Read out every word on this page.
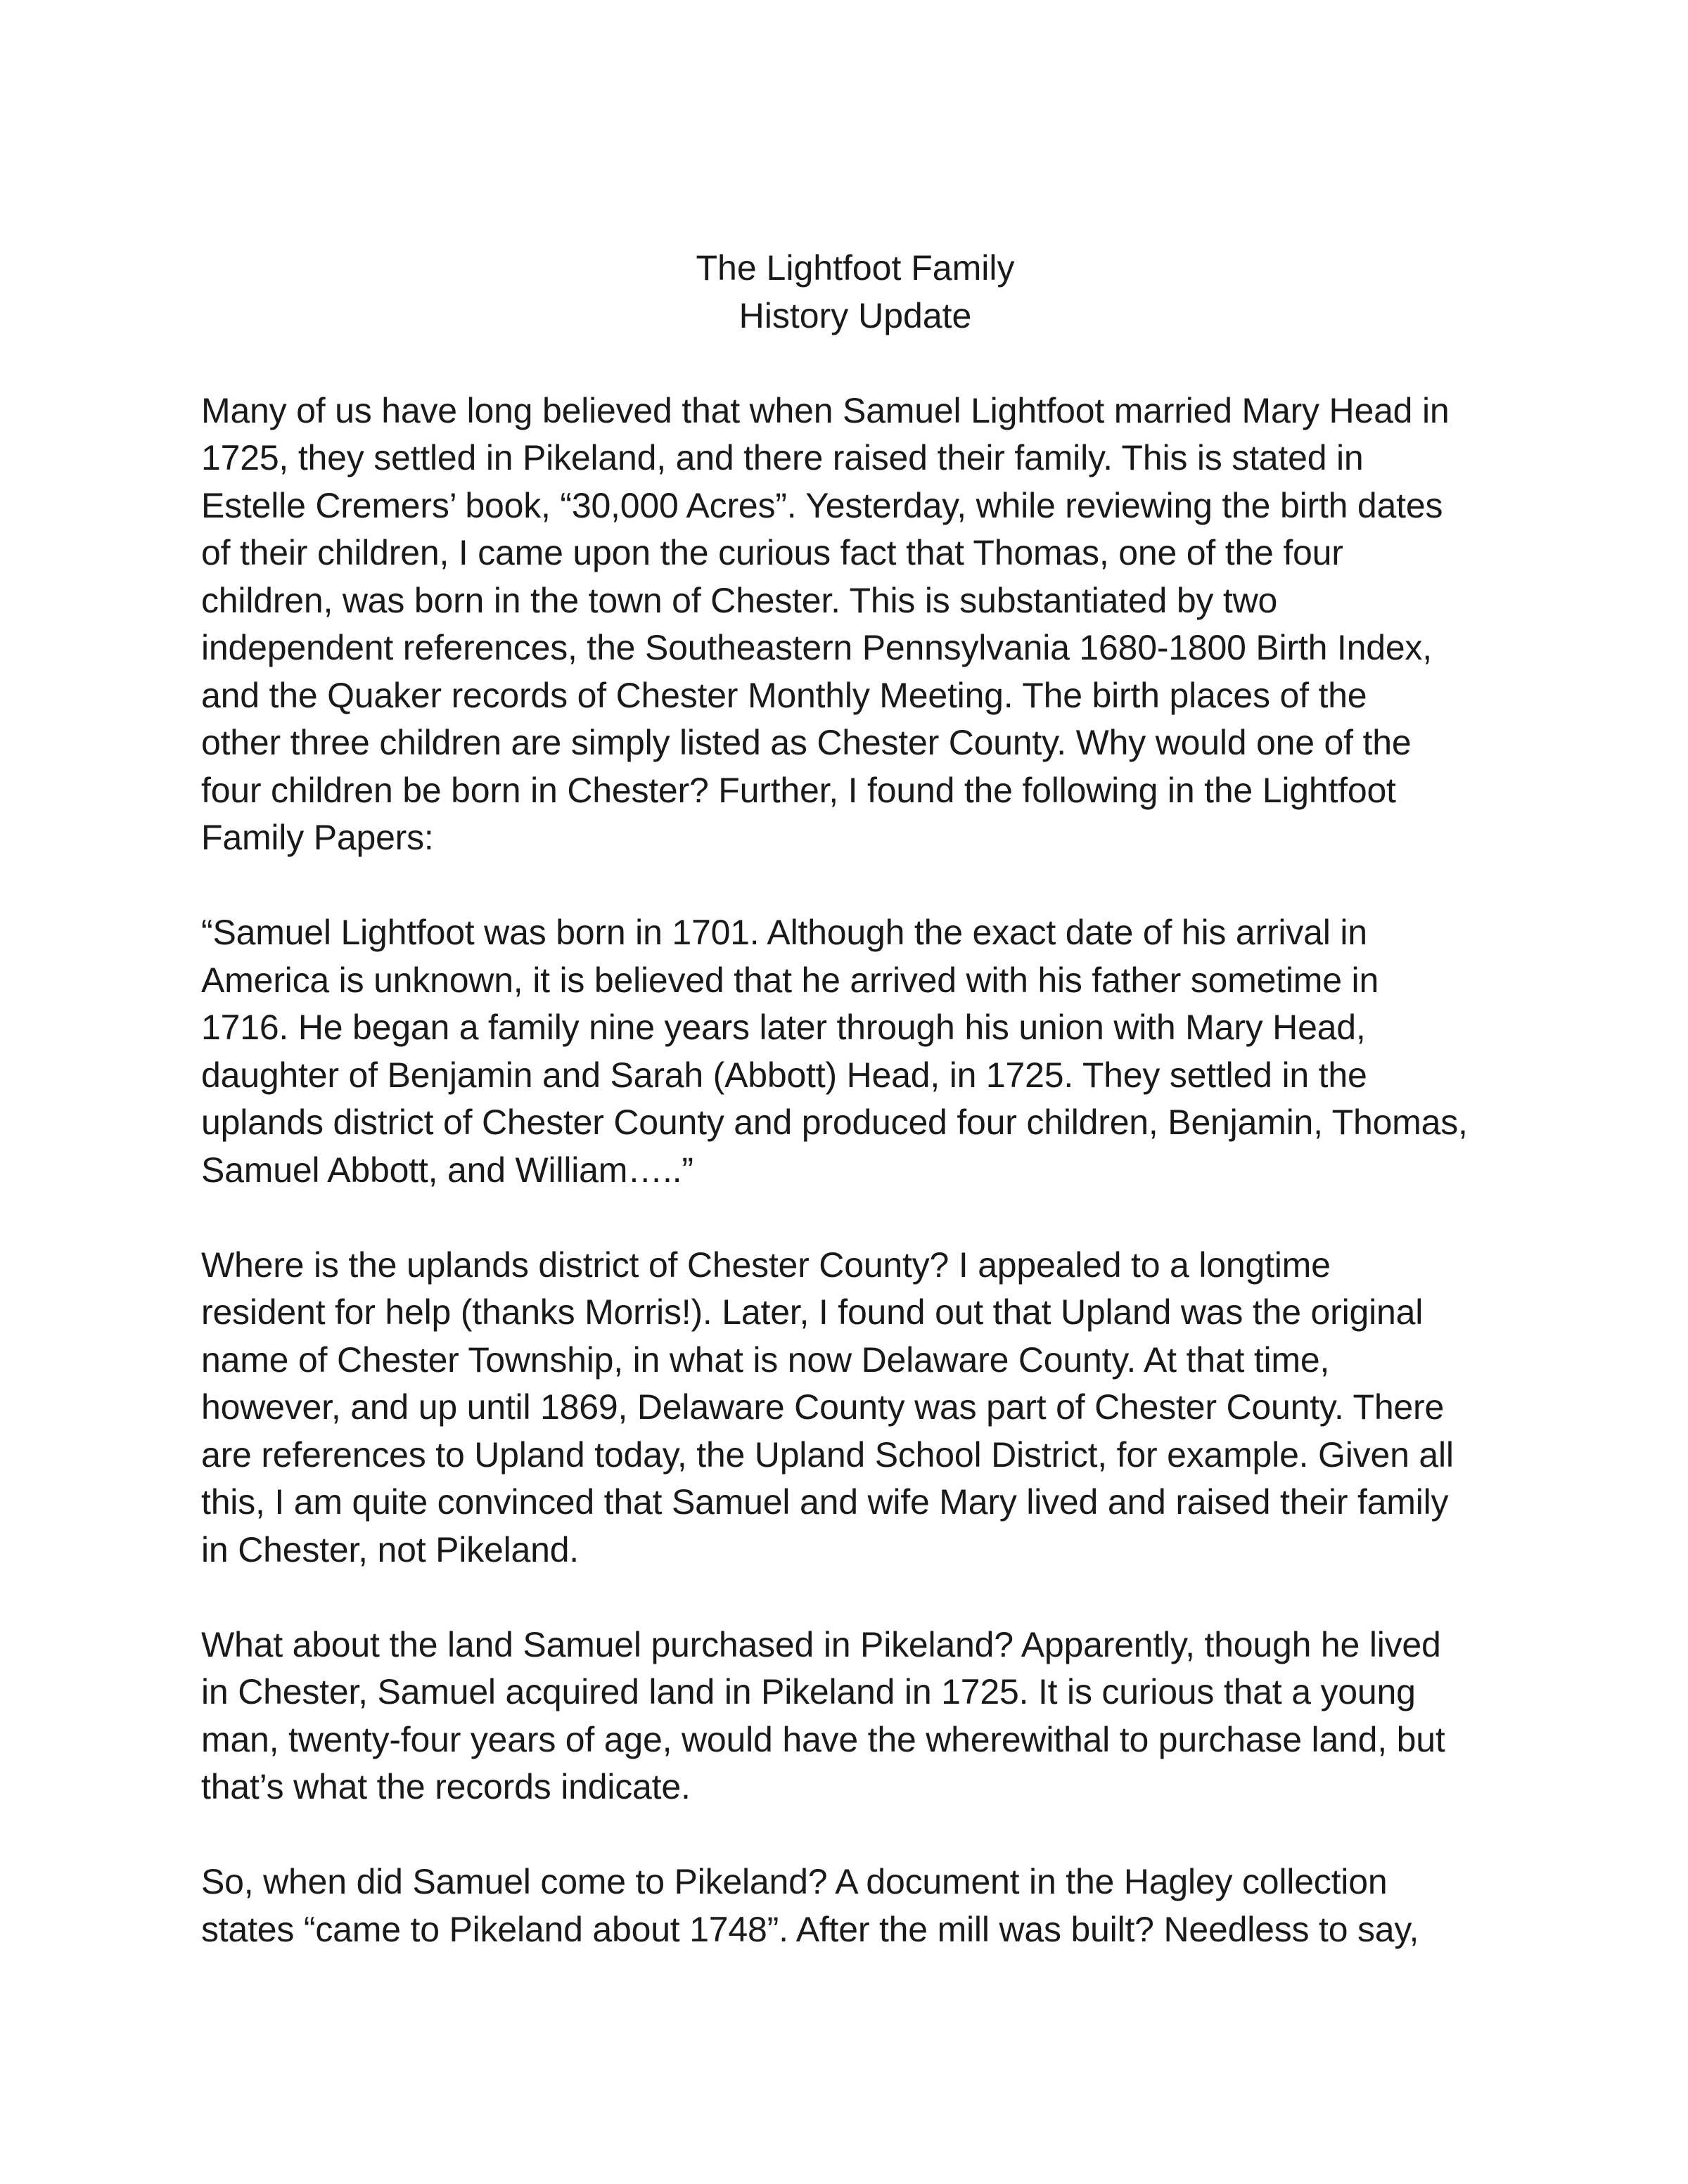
The Lightfoot Family
History Update

Many of us have long believed that when Samuel Lightfoot married Mary Head in
1725, they settled in Pikeland, and there raised their family. This is stated in
Estelle Cremers’ book, “30,000 Acres”. Yesterday, while reviewing the birth dates
of their children, I came upon the curious fact that Thomas, one of the four
children, was born in the town of Chester. This is substantiated by two
independent references, the Southeastern Pennsylvania 1680-1800 Birth Index,
and the Quaker records of Chester Monthly Meeting. The birth places of the
other three children are simply listed as Chester County. Why would one of the
four children be born in Chester? Further, I found the following in the Lightfoot
Family Papers:

“Samuel Lightfoot was born in 1701. Although the exact date of his arrival in
America is unknown, it is believed that he arrived with his father sometime in
1716. He began a family nine years later through his union with Mary Head,
daughter of Benjamin and Sarah (Abbott) Head, in 1725. They settled in the
uplands district of Chester County and produced four children, Benjamin, Thomas,
Samuel Abbott, and William…..”

Where is the uplands district of Chester County? I appealed to a longtime
resident for help (thanks Morris!). Later, I found out that Upland was the original
name of Chester Township, in what is now Delaware County. At that time,
however, and up until 1869, Delaware County was part of Chester County. There
are references to Upland today, the Upland School District, for example. Given all
this, I am quite convinced that Samuel and wife Mary lived and raised their family
in Chester, not Pikeland.

What about the land Samuel purchased in Pikeland? Apparently, though he lived
in Chester, Samuel acquired land in Pikeland in 1725. It is curious that a young
man, twenty-four years of age, would have the wherewithal to purchase land, but
that’s what the records indicate.

So, when did Samuel come to Pikeland? A document in the Hagley collection
states “came to Pikeland about 1748”. After the mill was built? Needless to say,
